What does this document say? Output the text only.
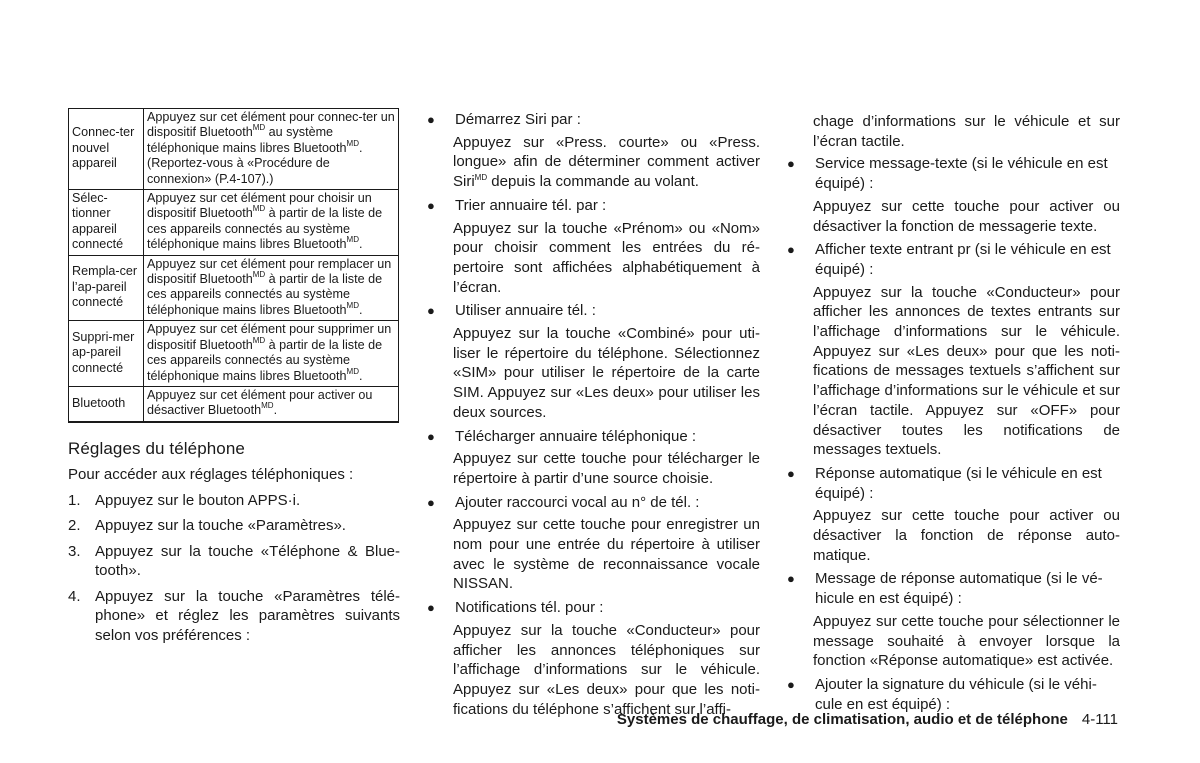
Connec-ter nouvel appareil	Appuyez sur cet élément pour connec-ter un dispositif Bluetooth$^{MD}$ au système téléphonique mains libres Bluetooth$^{MD}$. (Reportez-vous à «Procédure de connexion» (P.4-107).)
Sélec-tionner appareil connecté	Appuyez sur cet élément pour choisir un dispositif Bluetooth$^{MD}$ à partir de la liste de ces appareils connectés au système téléphonique mains libres Bluetooth$^{MD}$.
Rempla-cer l’ap-pareil connecté	Appuyez sur cet élément pour remplacer un dispositif Bluetooth$^{MD}$ à partir de la liste de ces appareils connectés au système téléphonique mains libres Bluetooth$^{MD}$.
Suppri-mer ap-pareil connecté	Appuyez sur cet élément pour supprimer un dispositif Bluetooth$^{MD}$ à partir de la liste de ces appareils connectés au système téléphonique mains libres Bluetooth$^{MD}$.
Bluetooth	Appuyez sur cet élément pour activer ou désactiver Bluetooth$^{MD}$.
Réglages du téléphone

Pour accéder aux réglages téléphoniques :

1. Appuyez sur le bouton APPS·i.
2. Appuyez sur la touche «Paramètres».
3. Appuyez sur la touche «Téléphone & Blue-tooth».
4. Appuyez sur la touche «Paramètres télé-phone» et réglez les paramètres suivants selon vos préférences :
●	Démarrez Siri par :
Appuyez sur «Press. courte» ou «Press. longue» afin de déterminer comment activer Siri$^{MD}$ depuis la commande au volant.
●	Trier annuaire tél. par :
Appuyez sur la touche «Prénom» ou «Nom» pour choisir comment les entrées du ré-pertoire sont affichées alphabétiquement à l’écran.
●	Utiliser annuaire tél. :
Appuyez sur la touche «Combiné» pour uti-liser le répertoire du téléphone. Sélectionnez «SIM» pour utiliser le répertoire de la carte SIM. Appuyez sur «Les deux» pour utiliser les deux sources.
●	Télécharger annuaire téléphonique :
Appuyez sur cette touche pour télécharger le répertoire à partir d’une source choisie.
●	Ajouter raccourci vocal au n° de tél. :
Appuyez sur cette touche pour enregistrer un nom pour une entrée du répertoire à utiliser avec le système de reconnaissance vocale NISSAN.
●	Notifications tél. pour :
Appuyez sur la touche «Conducteur» pour afficher les annonces téléphoniques sur l’affichage d’informations sur le véhicule. Appuyez sur «Les deux» pour que les noti-fications du téléphone s’affichent sur l’affi-
chage d’informations sur le véhicule et sur l’écran tactile.
●	Service message-texte (si le véhicule en est équipé) :
Appuyez sur cette touche pour activer ou désactiver la fonction de messagerie texte.
●	Afficher texte entrant pr (si le véhicule en est équipé) :
Appuyez sur la touche «Conducteur» pour afficher les annonces de textes entrants sur l’affichage d’informations sur le véhicule. Appuyez sur «Les deux» pour que les noti-fications de messages textuels s’affichent sur l’affichage d’informations sur le véhicule et sur l’écran tactile. Appuyez sur «OFF» pour désactiver toutes les notifications de messages textuels.
●	Réponse automatique (si le véhicule en est équipé) :
Appuyez sur cette touche pour activer ou désactiver la fonction de réponse auto-matique.
●	Message de réponse automatique (si le vé-hicule en est équipé) :
Appuyez sur cette touche pour sélectionner le message souhaité à envoyer lorsque la fonction «Réponse automatique» est activée.
●	Ajouter la signature du véhicule (si le véhi-cule en est équipé) :
Systèmes de chauffage, de climatisation, audio et de téléphone 4-111
